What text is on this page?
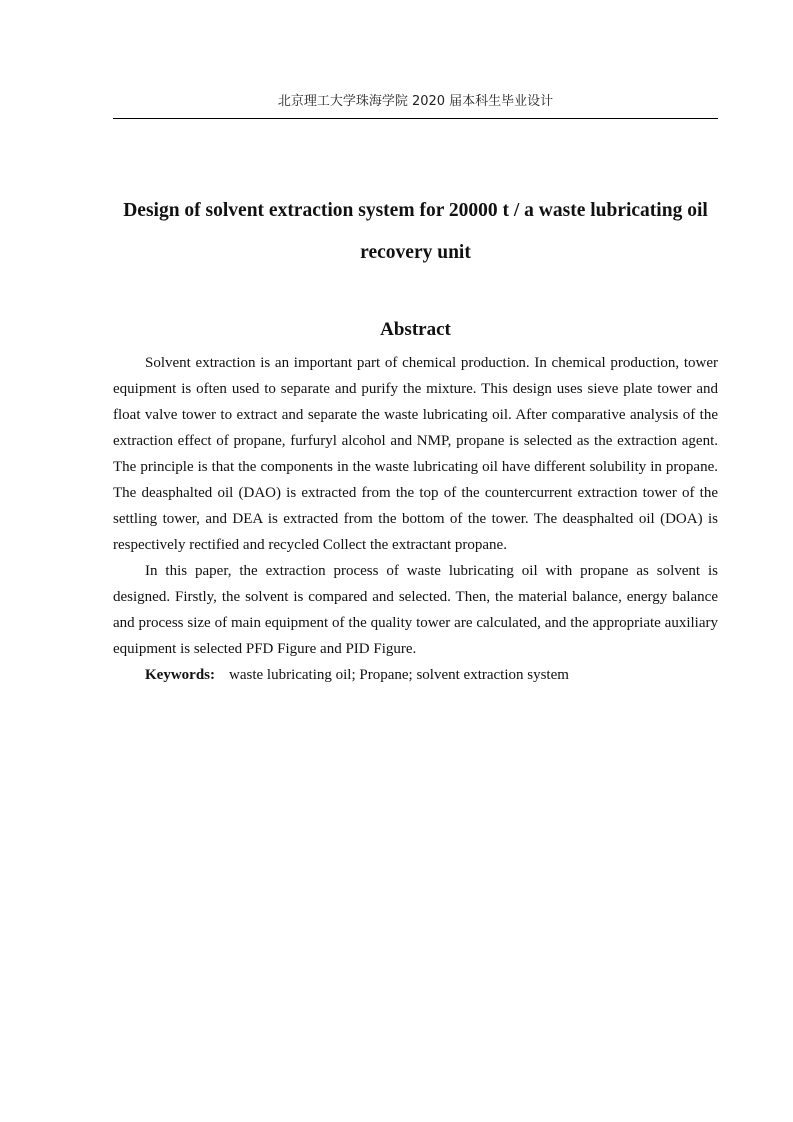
北京理工大学珠海学院 2020 届本科生毕业设计
Design of solvent extraction system for 20000 t / a waste lubricating oil recovery unit
Abstract

Solvent extraction is an important part of chemical production. In chemical production, tower equipment is often used to separate and purify the mixture. This design uses sieve plate tower and float valve tower to extract and separate the waste lubricating oil. After comparative analysis of the extraction effect of propane, furfuryl alcohol and NMP, propane is selected as the extraction agent. The principle is that the components in the waste lubricating oil have different solubility in propane. The deasphalted oil (DAO) is extracted from the top of the countercurrent extraction tower of the settling tower, and DEA is extracted from the bottom of the tower. The deasphalted oil (DOA) is respectively rectified and recycled Collect the extractant propane.

In this paper, the extraction process of waste lubricating oil with propane as solvent is designed. Firstly, the solvent is compared and selected. Then, the material balance, energy balance and process size of main equipment of the quality tower are calculated, and the appropriate auxiliary equipment is selected PFD Figure and PID Figure.

Keywords: waste lubricating oil; Propane; solvent extraction system
